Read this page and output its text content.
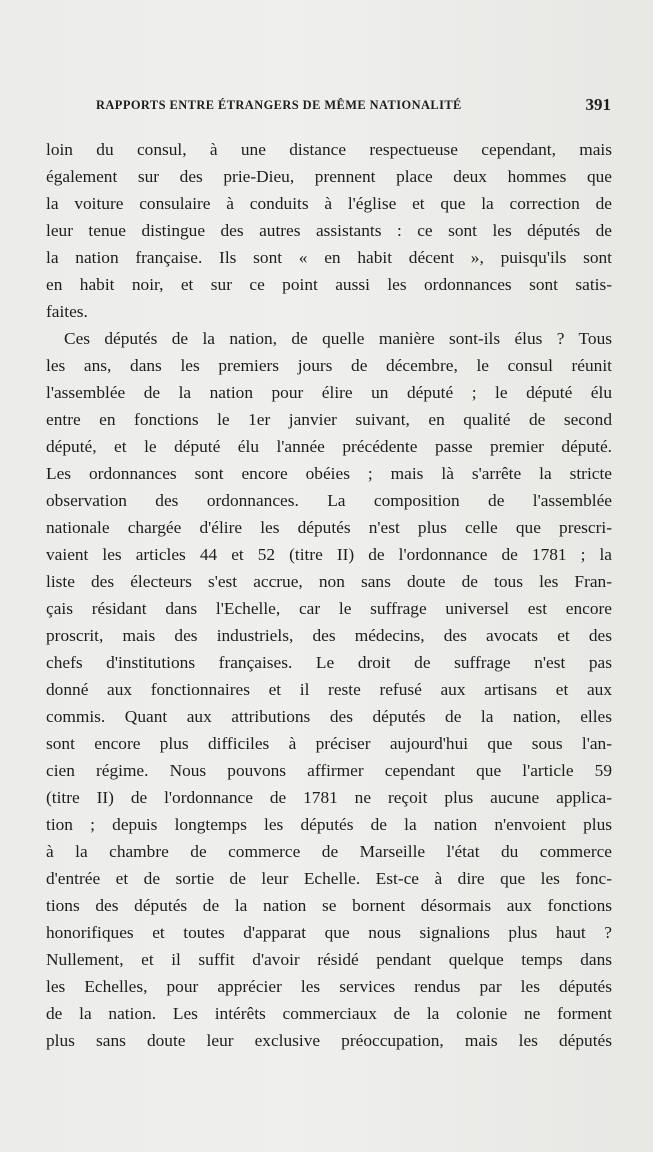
RAPPORTS ENTRE ÉTRANGERS DE MÊME NATIONALITÉ	391
loin du consul, à une distance respectueuse cependant, mais
également sur des prie-Dieu, prennent place deux hommes que
la voiture consulaire à conduits à l'église et que la correction de
leur tenue distingue des autres assistants : ce sont les députés de
la nation française. Ils sont « en habit décent », puisqu'ils sont
en habit noir, et sur ce point aussi les ordonnances sont satis-
faites.
Ces députés de la nation, de quelle manière sont-ils élus ? Tous
les ans, dans les premiers jours de décembre, le consul réunit
l'assemblée de la nation pour élire un député ; le député élu
entre en fonctions le 1er janvier suivant, en qualité de second
député, et le député élu l'année précédente passe premier député.
Les ordonnances sont encore obéies ; mais là s'arrête la stricte
observation des ordonnances. La composition de l'assemblée
nationale chargée d'élire les députés n'est plus celle que prescri-
vaient les articles 44 et 52 (titre II) de l'ordonnance de 1781 ; la
liste des électeurs s'est accrue, non sans doute de tous les Fran-
çais résidant dans l'Echelle, car le suffrage universel est encore
proscrit, mais des industriels, des médecins, des avocats et des
chefs d'institutions françaises. Le droit de suffrage n'est pas
donné aux fonctionnaires et il reste refusé aux artisans et aux
commis. Quant aux attributions des députés de la nation, elles
sont encore plus difficiles à préciser aujourd'hui que sous l'an-
cien régime. Nous pouvons affirmer cependant que l'article 59
(titre II) de l'ordonnance de 1781 ne reçoit plus aucune applica-
tion ; depuis longtemps les députés de la nation n'envoient plus
à la chambre de commerce de Marseille l'état du commerce
d'entrée et de sortie de leur Echelle. Est-ce à dire que les fonc-
tions des députés de la nation se bornent désormais aux fonctions
honorifiques et toutes d'apparat que nous signalions plus haut ?
Nullement, et il suffit d'avoir résidé pendant quelque temps dans
les Echelles, pour apprécier les services rendus par les députés
de la nation. Les intérêts commerciaux de la colonie ne forment
plus sans doute leur exclusive préoccupation, mais les députés
